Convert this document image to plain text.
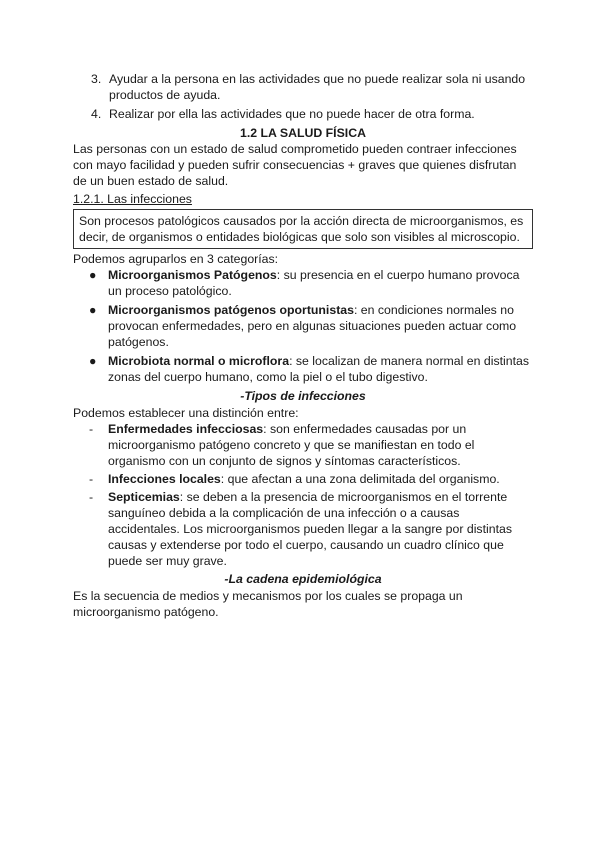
3. Ayudar a la persona en las actividades que no puede realizar sola ni usando productos de ayuda.
4. Realizar por ella las actividades que no puede hacer de otra forma.

1.2 LA SALUD FÍSICA

Las personas con un estado de salud comprometido pueden contraer infecciones con mayo facilidad y pueden sufrir consecuencias + graves que quienes disfrutan de un buen estado de salud.

1.2.1. Las infecciones

Son procesos patológicos causados por la acción directa de microorganismos, es decir, de organismos o entidades biológicas que solo son visibles al microscopio.

Podemos agruparlos en 3 categorías:

● Microorganismos Patógenos: su presencia en el cuerpo humano provoca un proceso patológico.
● Microorganismos patógenos oportunistas: en condiciones normales no provocan enfermedades, pero en algunas situaciones pueden actuar como patógenos.
● Microbiota normal o microflora: se localizan de manera normal en distintas zonas del cuerpo humano, como la piel o el tubo digestivo.

-Tipos de infecciones

Podemos establecer una distinción entre:

- Enfermedades infecciosas: son enfermedades causadas por un microorganismo patógeno concreto y que se manifiestan en todo el organismo con un conjunto de signos y síntomas característicos.
- Infecciones locales: que afectan a una zona delimitada del organismo.
- Septicemias: se deben a la presencia de microorganismos en el torrente sanguíneo debida a la complicación de una infección o a causas accidentales. Los microorganismos pueden llegar a la sangre por distintas causas y extenderse por todo el cuerpo, causando un cuadro clínico que puede ser muy grave.

-La cadena epidemiológica

Es la secuencia de medios y mecanismos por los cuales se propaga un microorganismo patógeno.
